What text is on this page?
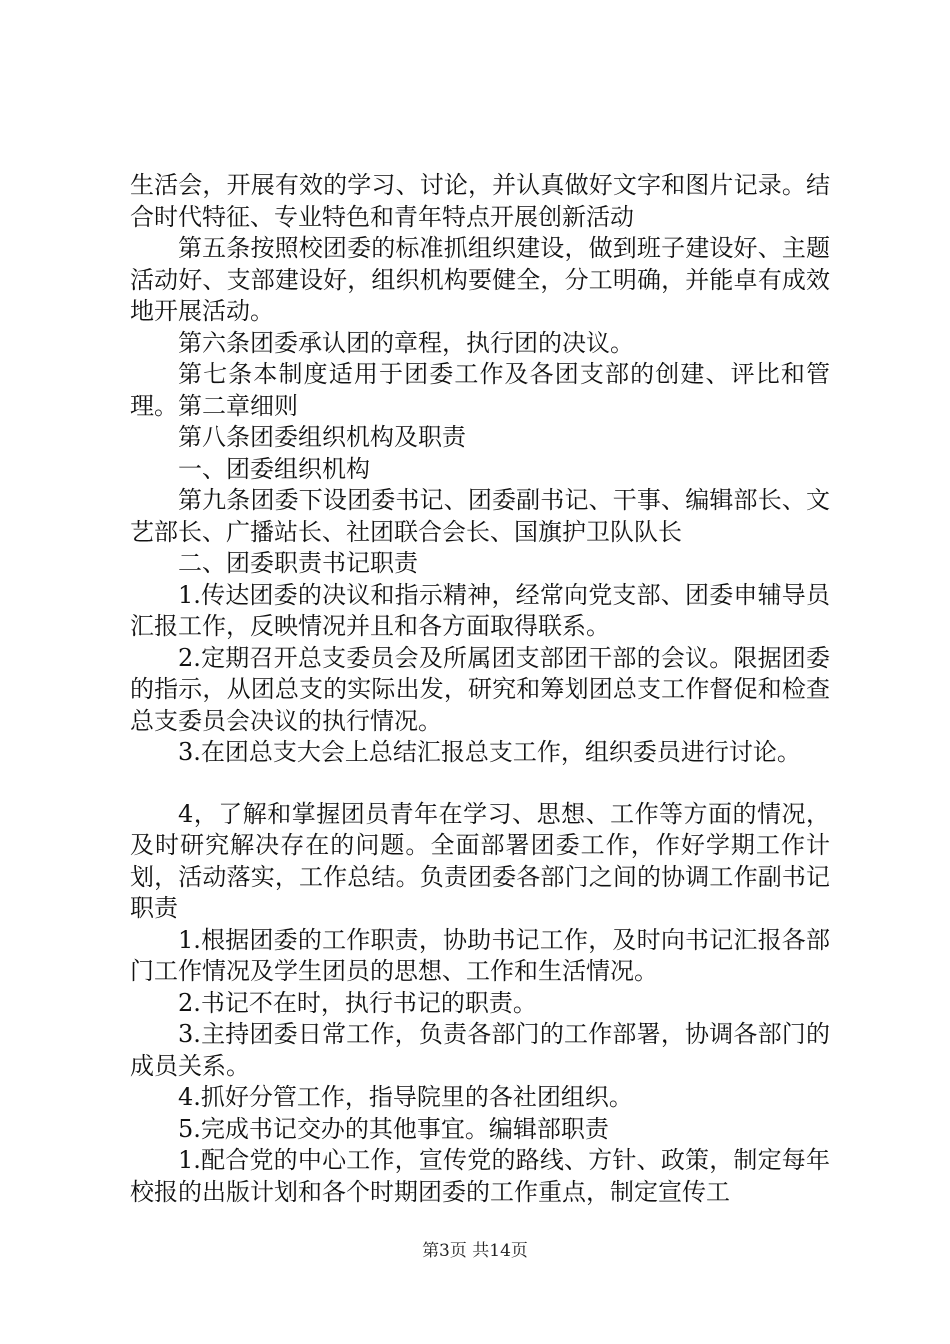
生活会，开展有效的学习、讨论，并认真做好文字和图片记录。结合时代特征、专业特色和青年特点开展创新活动

第五条按照校团委的标准抓组织建设，做到班子建设好、主题活动好、支部建设好，组织机构要健全，分工明确，并能卓有成效地开展活动。

第六条团委承认团的章程，执行团的决议。

第七条本制度适用于团委工作及各团支部的创建、评比和管理。第二章细则

第八条团委组织机构及职责

一、团委组织机构

第九条团委下设团委书记、团委副书记、干事、编辑部长、文艺部长、广播站长、社团联合会长、国旗护卫队队长

二、团委职责书记职责

1.传达团委的决议和指示精神，经常向党支部、团委申辅导员汇报工作，反映情况并且和各方面取得联系。

2.定期召开总支委员会及所属团支部团干部的会议。限据团委的指示，从团总支的实际出发，研究和筹划团总支工作督促和检查总支委员会决议的执行情况。

3.在团总支大会上总结汇报总支工作，组织委员进行讨论。

4，了解和掌握团员青年在学习、思想、工作等方面的情况，及时研究解决存在的问题。全面部署团委工作，作好学期工作计划，活动落实，工作总结。负责团委各部门之间的协调工作副书记职责

1.根据团委的工作职责，协助书记工作，及时向书记汇报各部门工作情况及学生团员的思想、工作和生活情况。

2.书记不在时，执行书记的职责。

3.主持团委日常工作，负责各部门的工作部署，协调各部门的成员关系。

4.抓好分管工作，指导院里的各社团组织。

5.完成书记交办的其他事宜。编辑部职责

1.配合党的中心工作，宣传党的路线、方针、政策，制定每年校报的出版计划和各个时期团委的工作重点，制定宣传工

第3页 共14页
